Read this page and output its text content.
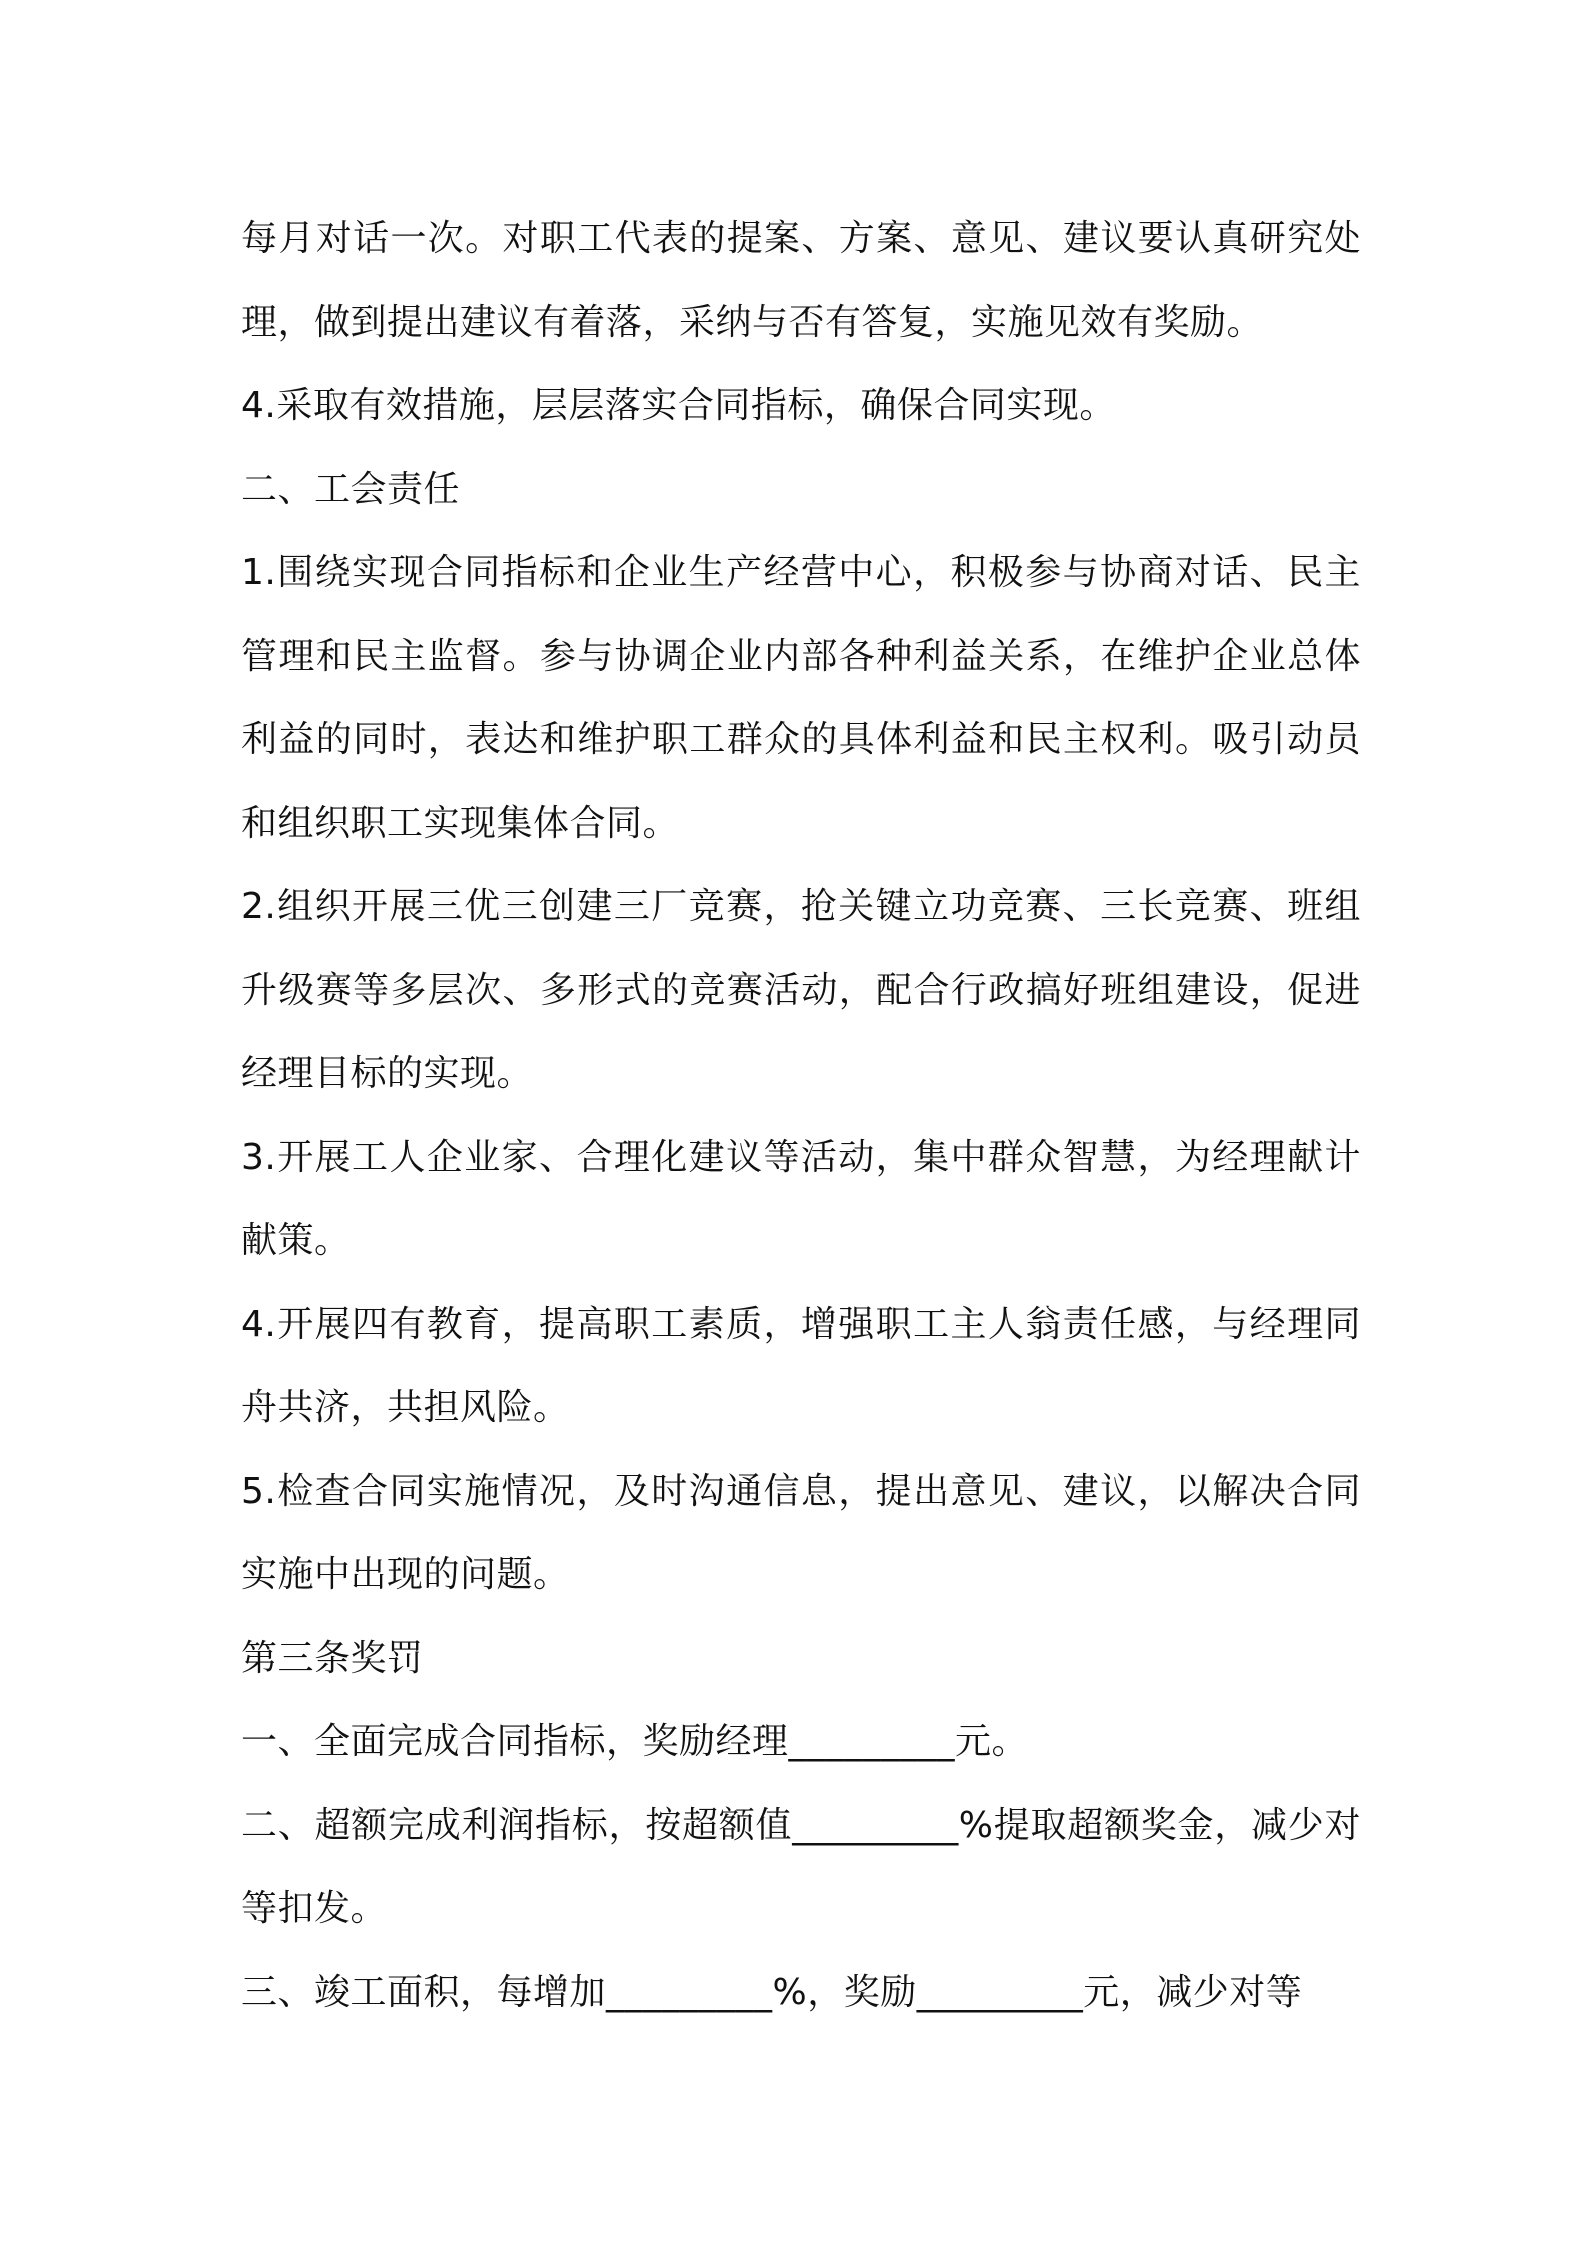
每月对话一次。对职工代表的提案、方案、意见、建议要认真研究处理，做到提出建议有着落，采纳与否有答复，实施见效有奖励。

4.采取有效措施，层层落实合同指标，确保合同实现。

二、工会责任

1.围绕实现合同指标和企业生产经营中心，积极参与协商对话、民主管理和民主监督。参与协调企业内部各种利益关系，在维护企业总体利益的同时，表达和维护职工群众的具体利益和民主权利。吸引动员和组织职工实现集体合同。

2.组织开展三优三创建三厂竞赛，抢关键立功竞赛、三长竞赛、班组升级赛等多层次、多形式的竞赛活动，配合行政搞好班组建设，促进经理目标的实现。

3.开展工人企业家、合理化建议等活动，集中群众智慧，为经理献计献策。

4.开展四有教育，提高职工素质，增强职工主人翁责任感，与经理同舟共济，共担风险。

5.检查合同实施情况，及时沟通信息，提出意见、建议，以解决合同实施中出现的问题。

第三条奖罚

一、全面完成合同指标，奖励经理_________元。

二、超额完成利润指标，按超额值_________%提取超额奖金，减少对等扣发。

三、竣工面积，每增加_________%，奖励_________元，减少对等
